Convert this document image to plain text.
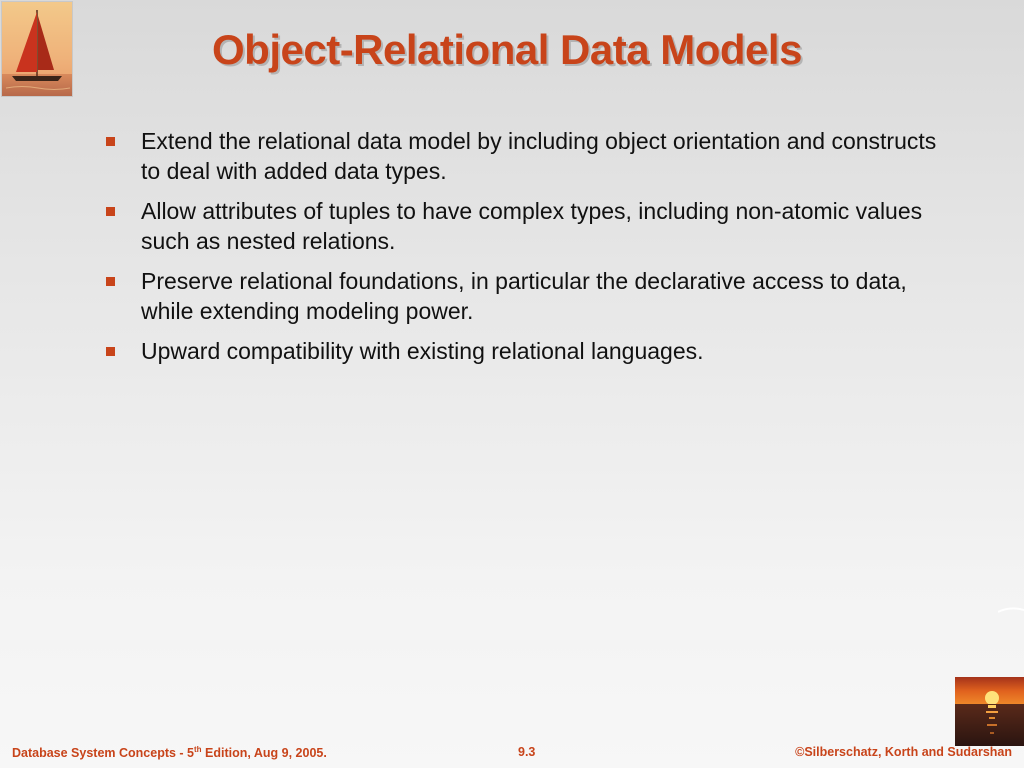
Object-Relational Data Models
Extend the relational data model by including object orientation and constructs to deal with added data types.
Allow attributes of tuples to have complex types, including non-atomic values such as nested relations.
Preserve relational foundations, in particular the declarative access to data, while extending modeling power.
Upward compatibility with existing relational languages.
Database System Concepts - 5th Edition, Aug 9, 2005.	9.3	©Silberschatz, Korth and Sudarshan
